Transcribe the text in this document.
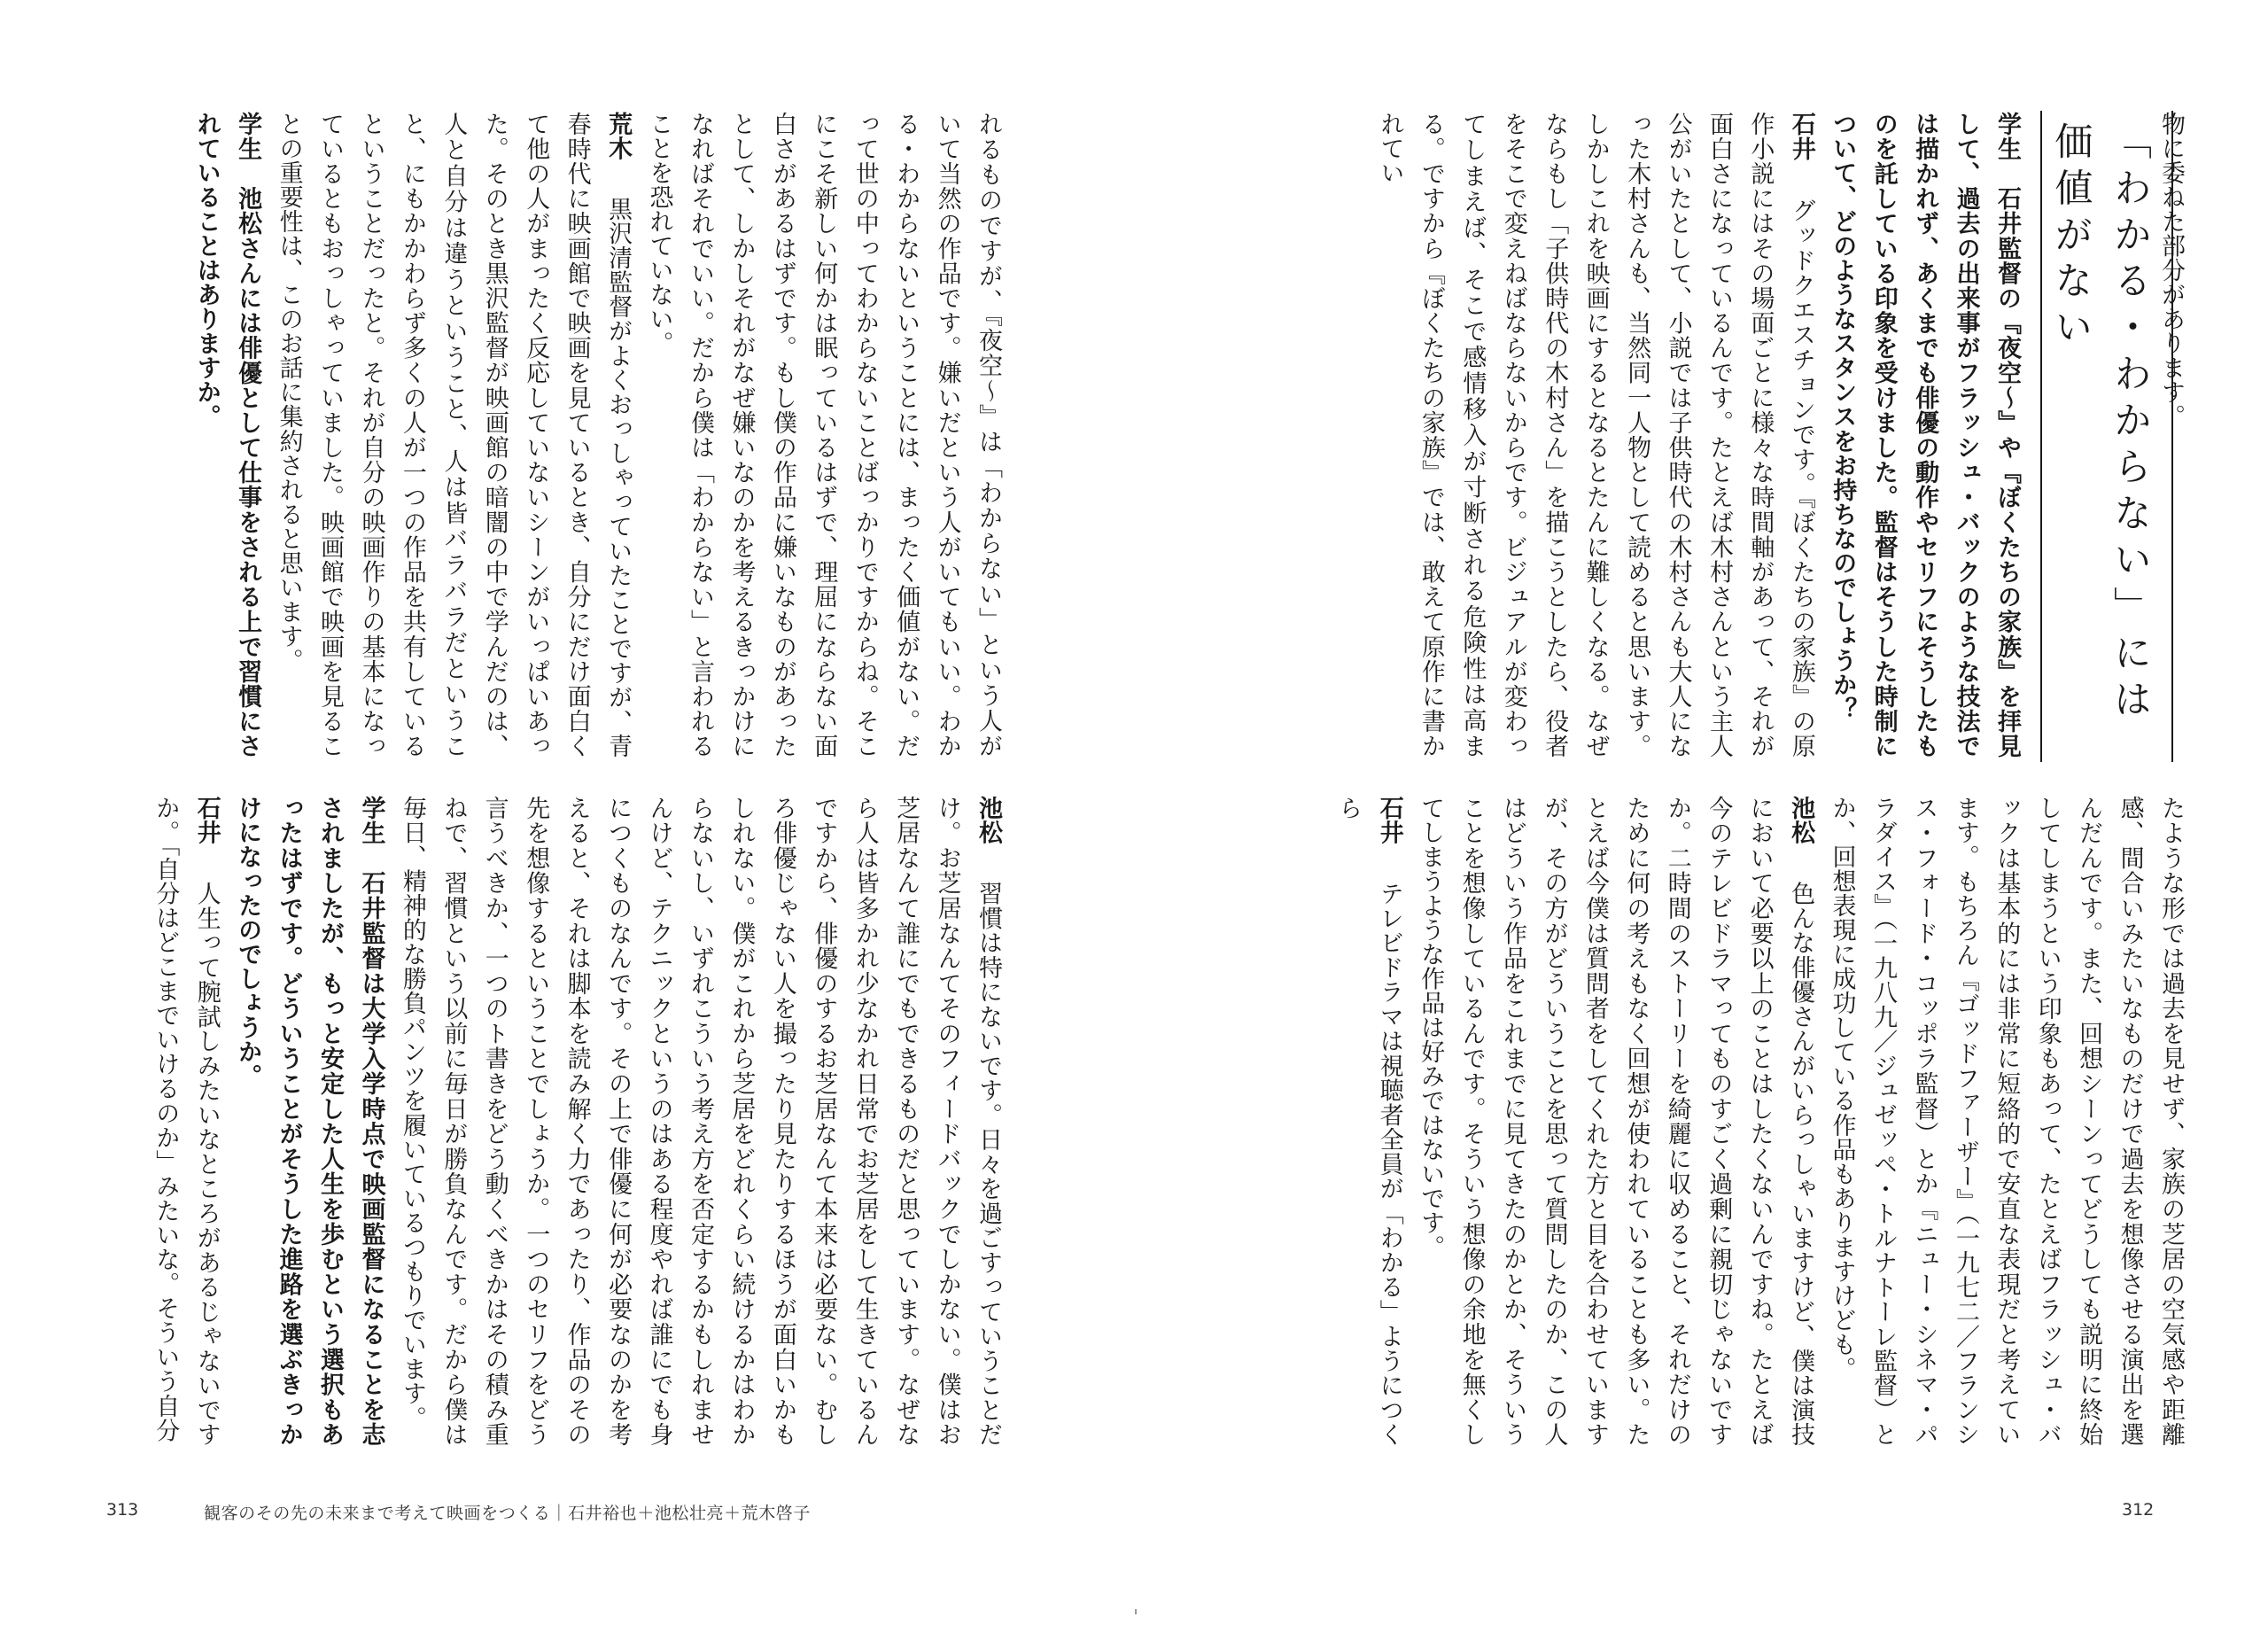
れるものですが、『夜空〜』は「わからない」という人がいて当然の作品です。嫌いだという人がいてもいい。わかる・わからないということには、まったく価値がない。だって世の中ってわからないことばっかりですからね。そこにこそ新しい何かは眠っているはずで、理屈にならない面白さがあるはずです。もし僕の作品に嫌いなものがあったとして、しかしそれがなぜ嫌いなのかを考えるきっかけになればそれでいい。だから僕は「わからない」と言われることを恐れていない。

荒木　黒沢清監督がよくおっしゃっていたことですが、青春時代に映画館で映画を見ているとき、自分にだけ面白くて他の人がまったく反応していないシーンがいっぱいあった。そのとき黒沢監督が映画館の暗闇の中で学んだのは、人と自分は違うということ、人は皆バラバラだということ、にもかかわらず多くの人が一つの作品を共有しているということだったと。それが自分の映画作りの基本になっているともおっしゃっていました。映画館で映画を見ることの重要性は、このお話に集約されると思います。

学生　池松さんには俳優として仕事をされる上で習慣にされていることはありますか。

池松　習慣は特にないです。日々を過ごすっていうことだけ。お芝居なんてそのフィードバックでしかない。僕はお芝居なんて誰にでもできるものだと思っています。なぜなら人は皆多かれ少なかれ日常でお芝居をして生きているんですから、俳優のするお芝居なんて本来は必要ない。むしろ俳優じゃない人を撮ったり見たりするほうが面白いかもしれない。僕がこれから芝居をどれくらい続けるかはわからないし、いずれこういう考え方を否定するかもしれませんけど、テクニックというのはある程度やれば誰にでも身につくものなんです。その上で俳優に何が必要なのかを考えると、それは脚本を読み解く力であったり、作品のその先を想像するということでしょうか。一つのセリフをどう言うべきか、一つのト書きをどう動くべきかはその積み重ねで、習慣という以前に毎日が勝負なんです。だから僕は毎日、精神的な勝負パンツを履いているつもりでいます。

学生　石井監督は大学入学時点で映画監督になることを志されましたが、もっと安定した人生を歩むという選択もあったはずです。どういうことがそうした進路を選ぶきっかけになったのでしょうか。

石井　人生って腕試しみたいなところがあるじゃないですか。「自分はどこまでいけるのか」みたいな。そういう自分

313	観客のその先の未来まで考えて映画をつくる｜石井裕也＋池松壮亮＋荒木啓子

物に委ねた部分があります。

「わかる・わからない」には価値がない

学生　石井監督の『夜空〜』や『ぼくたちの家族』を拝見して、過去の出来事がフラッシュ・バックのような技法では描かれず、あくまでも俳優の動作やセリフにそうしたものを託している印象を受けました。監督はそうした時制について、どのようなスタンスをお持ちなのでしょうか？

石井　グッドクエスチョンです。『ぼくたちの家族』の原作小説にはその場面ごとに様々な時間軸があって、それが面白さになっているんです。たとえば木村さんという主人公がいたとして、小説では子供時代の木村さんも大人になった木村さんも、当然同一人物として読めると思います。しかしこれを映画にするとなるとたんに難しくなる。なぜならもし「子供時代の木村さん」を描こうとしたら、役者をそこで変えねばならないからです。ビジュアルが変わってしまえば、そこで感情移入が寸断される危険性は高まる。ですから『ぼくたちの家族』では、敢えて原作に書かれてい

たような形では過去を見せず、家族の芝居の空気感や距離感、間合いみたいなものだけで過去を想像させる演出を選んだんです。また、回想シーンってどうしても説明に終始してしまうという印象もあって、たとえばフラッシュ・バックは基本的には非常に短絡的で安直な表現だと考えています。もちろん『ゴッドファーザー』（一九七二／フランシス・フォード・コッポラ監督）とか『ニュー・シネマ・パラダイス』（一九八九／ジュゼッペ・トルナトーレ監督）とか、回想表現に成功している作品もありますけども。

池松　色んな俳優さんがいらっしゃいますけど、僕は演技において必要以上のことはしたくないんですね。たとえば今のテレビドラマってものすごく過剰に親切じゃないですか。二時間のストーリーを綺麗に収めること、それだけのために何の考えもなく回想が使われていることも多い。たとえば今僕は質問者をしてくれた方と目を合わせていますが、その方がどういうことを思って質問したのか、この人はどういう作品をこれまでに見てきたのかとか、そういうことを想像しているんです。そういう想像の余地を無くしてしまうような作品は好みではないです。

石井　テレビドラマは視聴者全員が「わかる」ようにつくら

312
